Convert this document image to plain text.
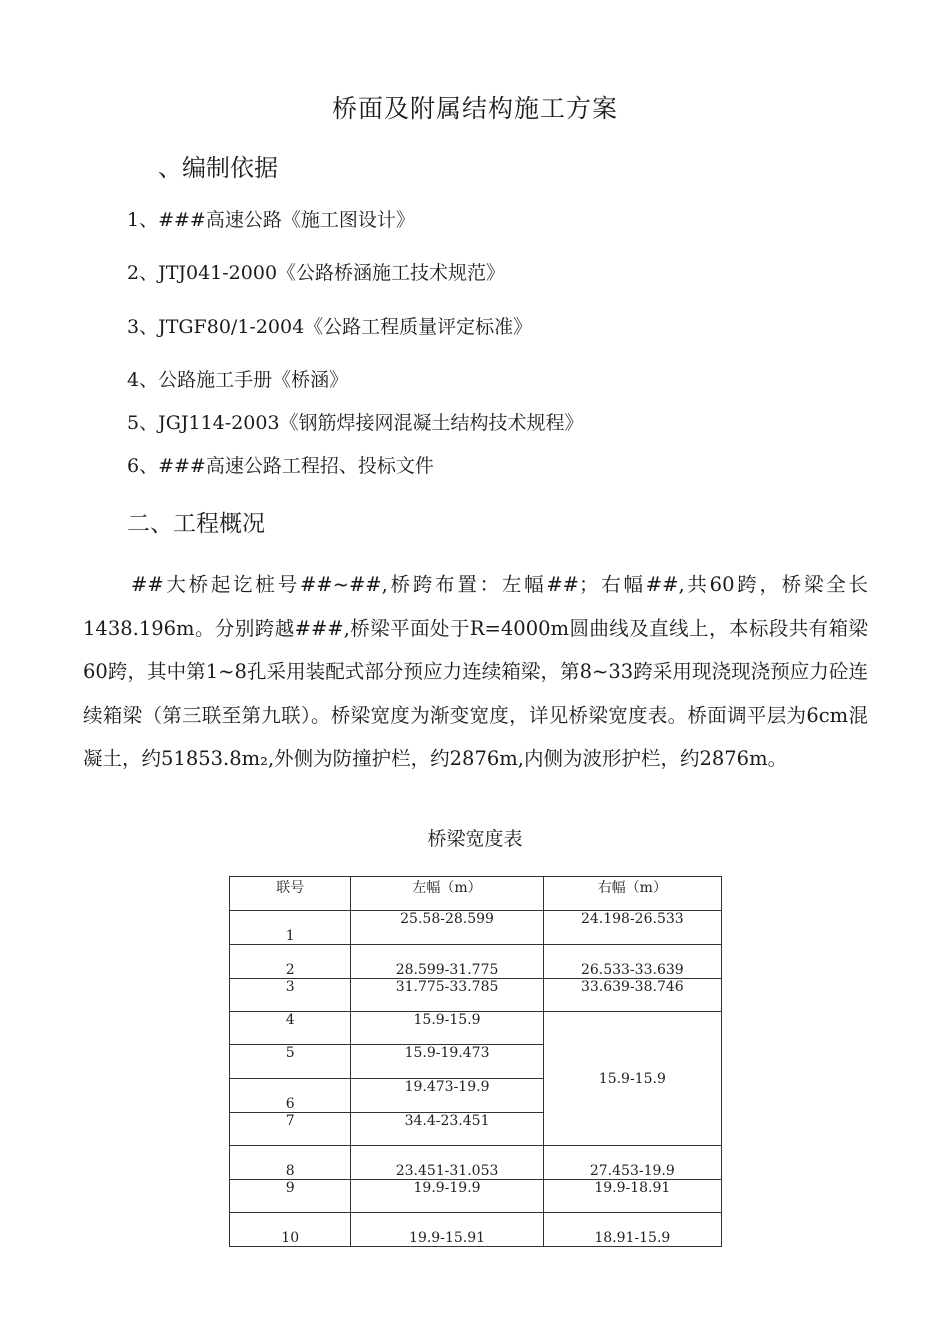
桥面及附属结构施工方案
、编制依据
1、###高速公路《施工图设计》
2、JTJ041-2000《公路桥涵施工技术规范》
3、JTGF80/1-2004《公路工程质量评定标准》
4、公路施工手册《桥涵》
5、JGJ114-2003《钢筋焊接网混凝土结构技术规程》
6、###高速公路工程招、投标文件
二、工程概况

##大桥起讫桩号##~##,桥跨布置：左幅##；右幅##,共60跨，桥梁全长1438.196m。分别跨越###,桥梁平面处于R=4000m圆曲线及直线上，本标段共有箱梁60跨，其中第1~8孔采用装配式部分预应力连续箱梁，第8~33跨采用现浇现浇预应力砼连续箱梁（第三联至第九联）。桥梁宽度为渐变宽度，详见桥梁宽度表。桥面调平层为6cm混凝土，约51853.8m₂,外侧为防撞护栏，约2876m,内侧为波形护栏，约2876m。

桥梁宽度表
联号	左幅（m）	右幅（m）
1	25.58-28.599	24.198-26.533
2	28.599-31.775	26.533-33.639
3	31.775-33.785	33.639-38.746
4	15.9-15.9	15.9-15.9
5	15.9-19.473	
6	19.473-19.9	
7	34.4-23.451	
8	23.451-31.053	27.453-19.9
9	19.9-19.9	19.9-18.91
10	19.9-15.91	18.91-15.9
